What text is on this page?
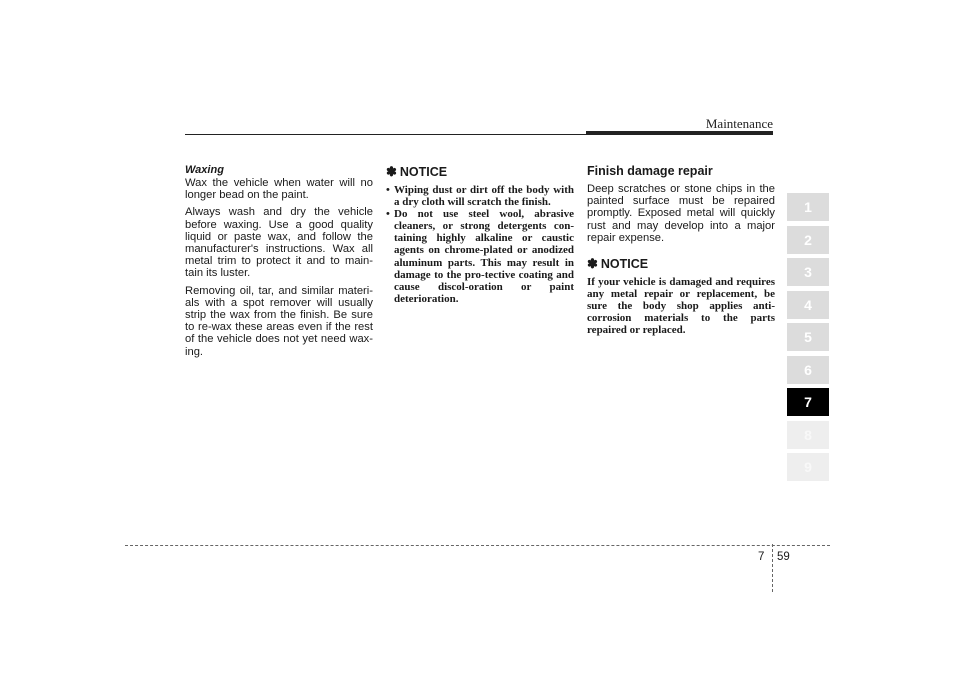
Maintenance

Waxing

Wax the vehicle when water will no longer bead on the paint.

Always wash and dry the vehicle before waxing. Use a good quality liquid or paste wax, and follow the manufacturer's instructions. Wax all metal trim to protect it and to main-tain its luster.

Removing oil, tar, and similar materi-als with a spot remover will usually strip the wax from the finish. Be sure to re-wax these areas even if the rest of the vehicle does not yet need wax-ing.

✽ NOTICE
• Wiping dust or dirt off the body with a dry cloth will scratch the finish.
• Do not use steel wool, abrasive cleaners, or strong detergents con-taining highly alkaline or caustic agents on chrome-plated or anodized aluminum parts. This may result in damage to the pro-tective coating and cause discol-oration or paint deterioration.

Finish damage repair

Deep scratches or stone chips in the painted surface must be repaired promptly. Exposed metal will quickly rust and may develop into a major repair expense.

✽ NOTICE

If your vehicle is damaged and requires any metal repair or replacement, be sure the body shop applies anti-corrosion materials to the parts repaired or replaced.

1
2
3
4
5
6
7
8
9
7 59
